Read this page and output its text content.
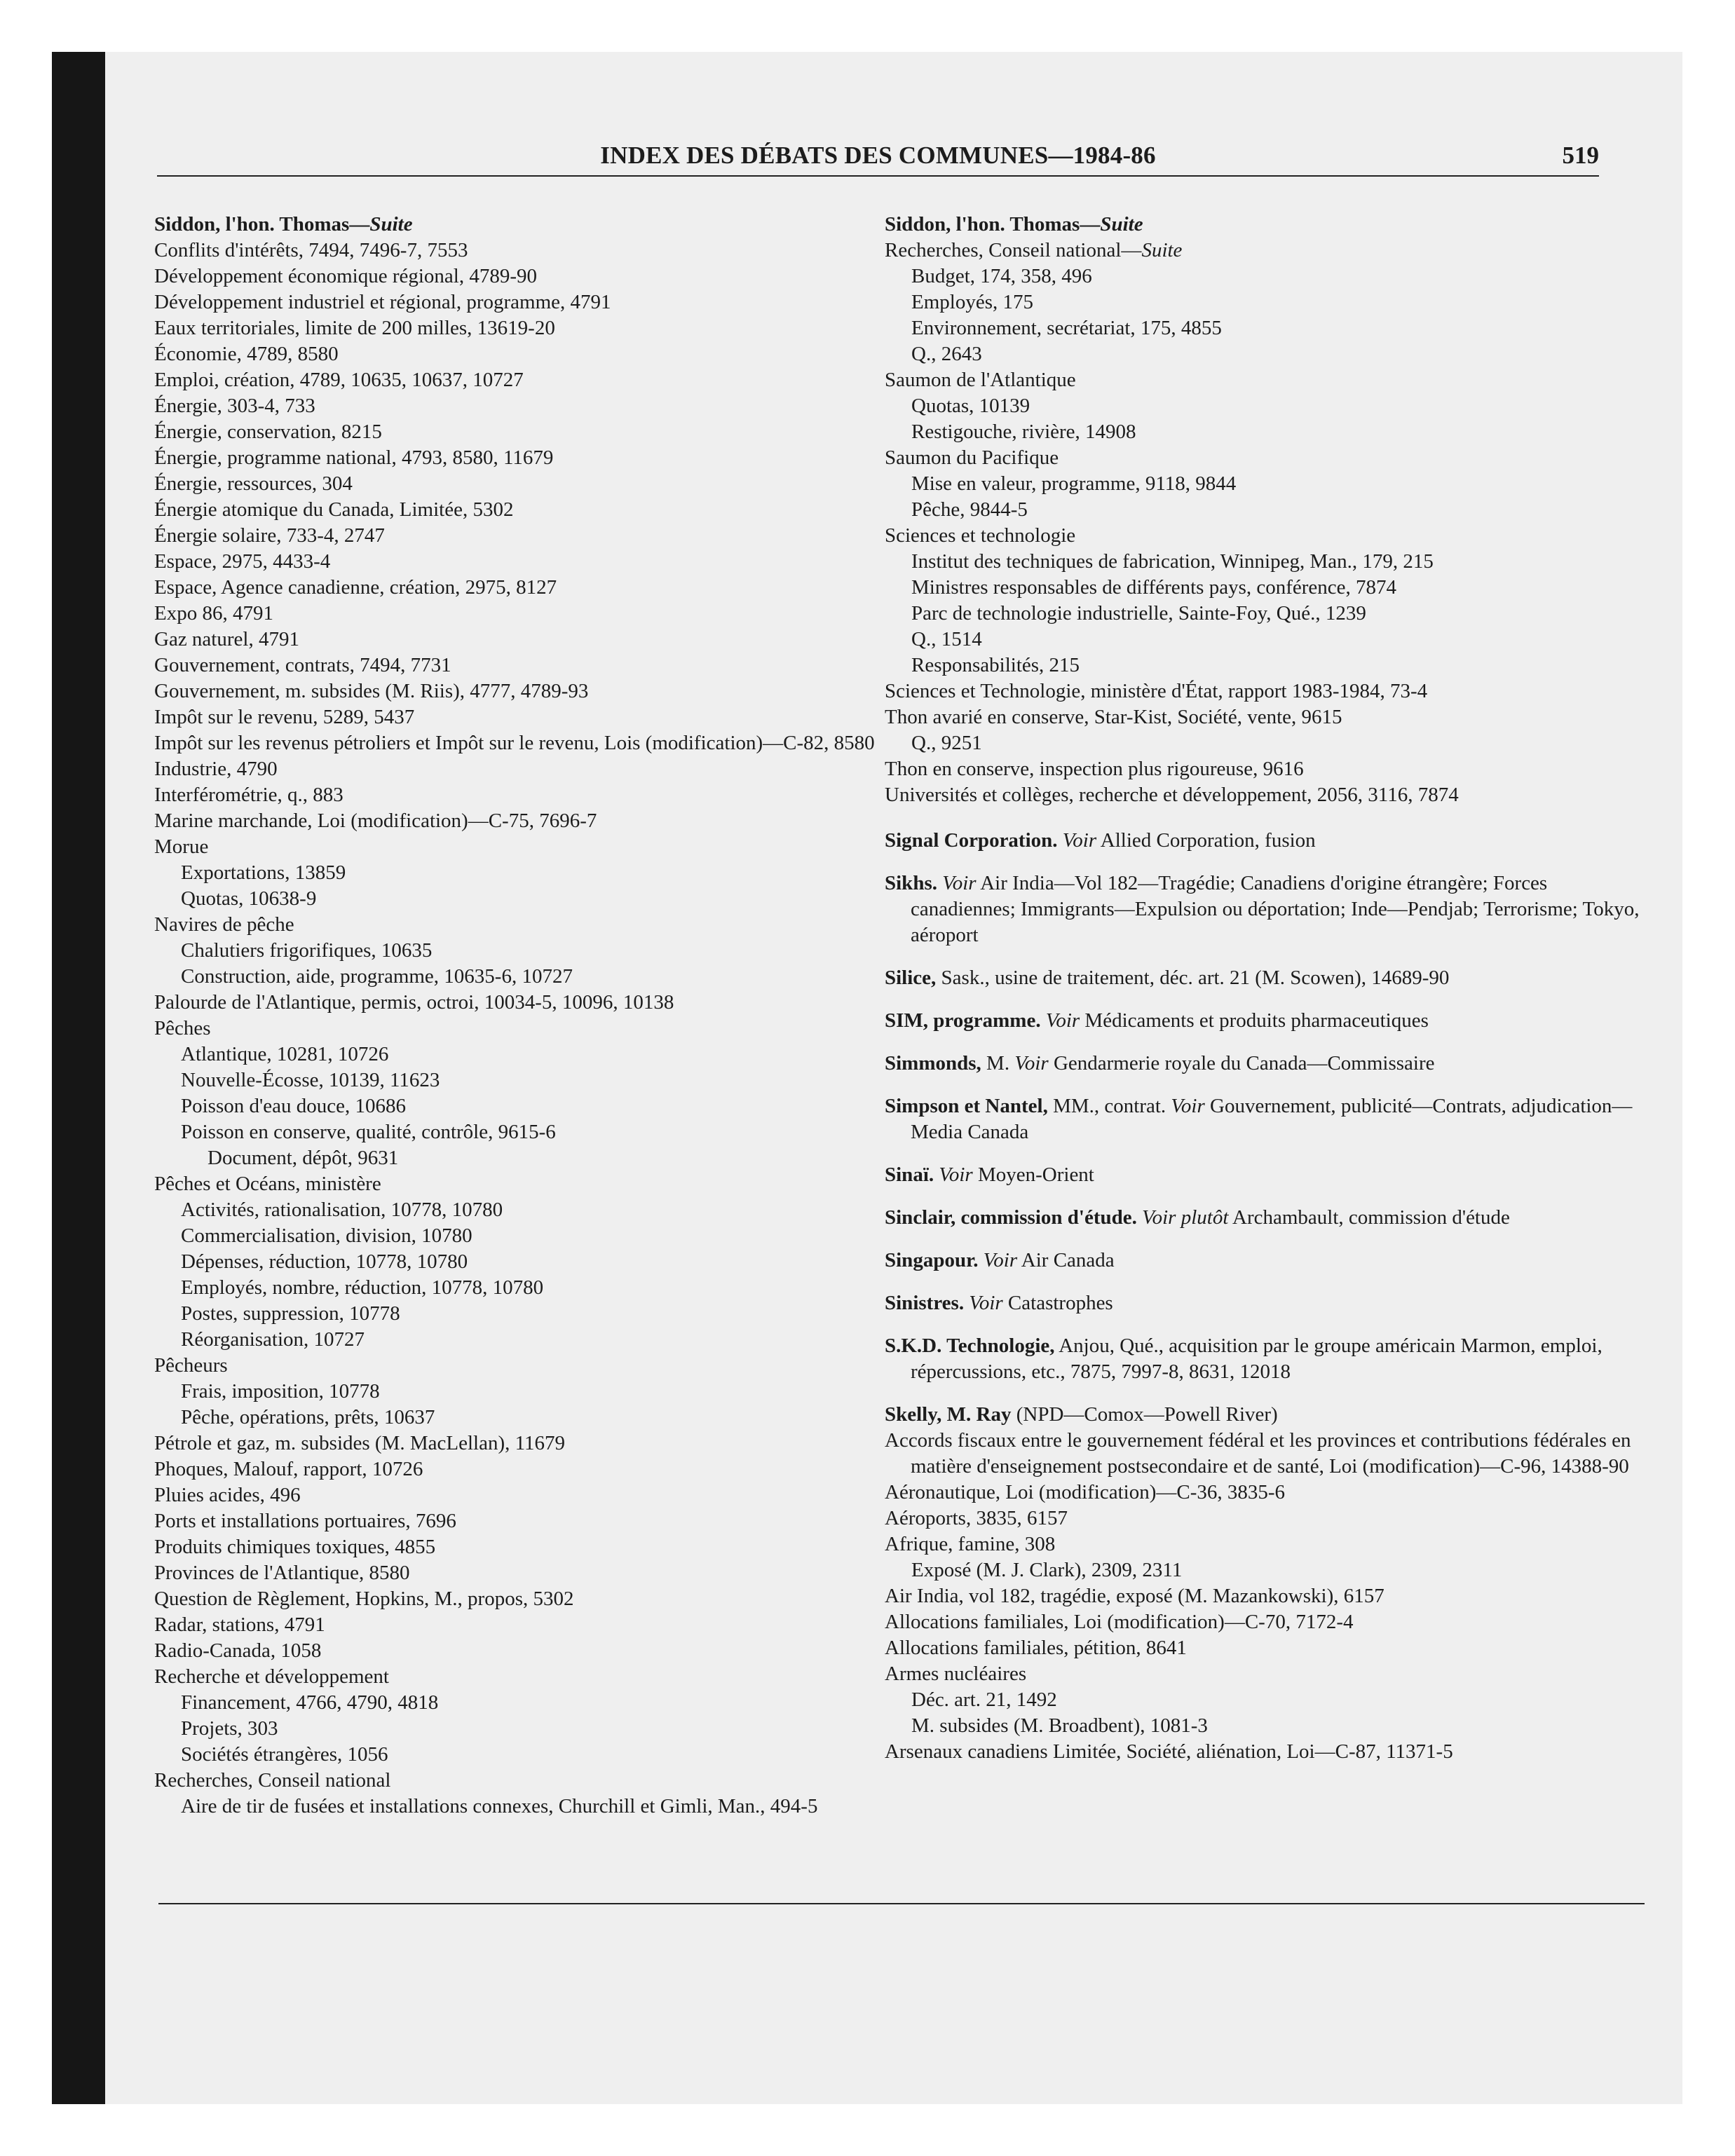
INDEX DES DÉBATS DES COMMUNES—1984-86	519
Siddon, l'hon. Thomas—Suite
Conflits d'intérêts, 7494, 7496-7, 7553
Développement économique régional, 4789-90
Développement industriel et régional, programme, 4791
Eaux territoriales, limite de 200 milles, 13619-20
Économie, 4789, 8580
Emploi, création, 4789, 10635, 10637, 10727
Énergie, 303-4, 733
Énergie, conservation, 8215
Énergie, programme national, 4793, 8580, 11679
Énergie, ressources, 304
Énergie atomique du Canada, Limitée, 5302
Énergie solaire, 733-4, 2747
Espace, 2975, 4433-4
Espace, Agence canadienne, création, 2975, 8127
Expo 86, 4791
Gaz naturel, 4791
Gouvernement, contrats, 7494, 7731
Gouvernement, m. subsides (M. Riis), 4777, 4789-93
Impôt sur le revenu, 5289, 5437
Impôt sur les revenus pétroliers et Impôt sur le revenu, Lois (modification)—C-82, 8580
Industrie, 4790
Interférométrie, q., 883
Marine marchande, Loi (modification)—C-75, 7696-7
Morue
Exportations, 13859
Quotas, 10638-9
Navires de pêche
Chalutiers frigorifiques, 10635
Construction, aide, programme, 10635-6, 10727
Palourde de l'Atlantique, permis, octroi, 10034-5, 10096, 10138
Pêches
Atlantique, 10281, 10726
Nouvelle-Écosse, 10139, 11623
Poisson d'eau douce, 10686
Poisson en conserve, qualité, contrôle, 9615-6
Document, dépôt, 9631
Pêches et Océans, ministère
Activités, rationalisation, 10778, 10780
Commercialisation, division, 10780
Dépenses, réduction, 10778, 10780
Employés, nombre, réduction, 10778, 10780
Postes, suppression, 10778
Réorganisation, 10727
Pêcheurs
Frais, imposition, 10778
Pêche, opérations, prêts, 10637
Pétrole et gaz, m. subsides (M. MacLellan), 11679
Phoques, Malouf, rapport, 10726
Pluies acides, 496
Ports et installations portuaires, 7696
Produits chimiques toxiques, 4855
Provinces de l'Atlantique, 8580
Question de Règlement, Hopkins, M., propos, 5302
Radar, stations, 4791
Radio-Canada, 1058
Recherche et développement
Financement, 4766, 4790, 4818
Projets, 303
Sociétés étrangères, 1056
Recherches, Conseil national
Aire de tir de fusées et installations connexes, Churchill et Gimli, Man., 494-5
Siddon, l'hon. Thomas—Suite
Recherches, Conseil national—Suite
Budget, 174, 358, 496
Employés, 175
Environnement, secrétariat, 175, 4855
Q., 2643
Saumon de l'Atlantique
Quotas, 10139
Restigouche, rivière, 14908
Saumon du Pacifique
Mise en valeur, programme, 9118, 9844
Pêche, 9844-5
Sciences et technologie
Institut des techniques de fabrication, Winnipeg, Man., 179, 215
Ministres responsables de différents pays, conférence, 7874
Parc de technologie industrielle, Sainte-Foy, Qué., 1239
Q., 1514
Responsabilités, 215
Sciences et Technologie, ministère d'État, rapport 1983-1984, 73-4
Thon avarié en conserve, Star-Kist, Société, vente, 9615
Q., 9251
Thon en conserve, inspection plus rigoureuse, 9616
Universités et collèges, recherche et développement, 2056, 3116, 7874
Signal Corporation. Voir Allied Corporation, fusion
Sikhs. Voir Air India—Vol 182—Tragédie; Canadiens d'origine étrangère; Forces canadiennes; Immigrants—Expulsion ou déportation; Inde—Pendjab; Terrorisme; Tokyo, aéroport
Silice, Sask., usine de traitement, déc. art. 21 (M. Scowen), 14689-90
SIM, programme. Voir Médicaments et produits pharmaceutiques
Simmonds, M. Voir Gendarmerie royale du Canada—Commissaire
Simpson et Nantel, MM., contrat. Voir Gouvernement, publicité—Contrats, adjudication—Media Canada
Sinaï. Voir Moyen-Orient
Sinclair, commission d'étude. Voir plutôt Archambault, commission d'étude
Singapour. Voir Air Canada
Sinistres. Voir Catastrophes
S.K.D. Technologie, Anjou, Qué., acquisition par le groupe américain Marmon, emploi, répercussions, etc., 7875, 7997-8, 8631, 12018
Skelly, M. Ray (NPD—Comox—Powell River)
Accords fiscaux entre le gouvernement fédéral et les provinces et contributions fédérales en matière d'enseignement postsecondaire et de santé, Loi (modification)—C-96, 14388-90
Aéronautique, Loi (modification)—C-36, 3835-6
Aéroports, 3835, 6157
Afrique, famine, 308
Exposé (M. J. Clark), 2309, 2311
Air India, vol 182, tragédie, exposé (M. Mazankowski), 6157
Allocations familiales, Loi (modification)—C-70, 7172-4
Allocations familiales, pétition, 8641
Armes nucléaires
Déc. art. 21, 1492
M. subsides (M. Broadbent), 1081-3
Arsenaux canadiens Limitée, Société, aliénation, Loi—C-87, 11371-5
